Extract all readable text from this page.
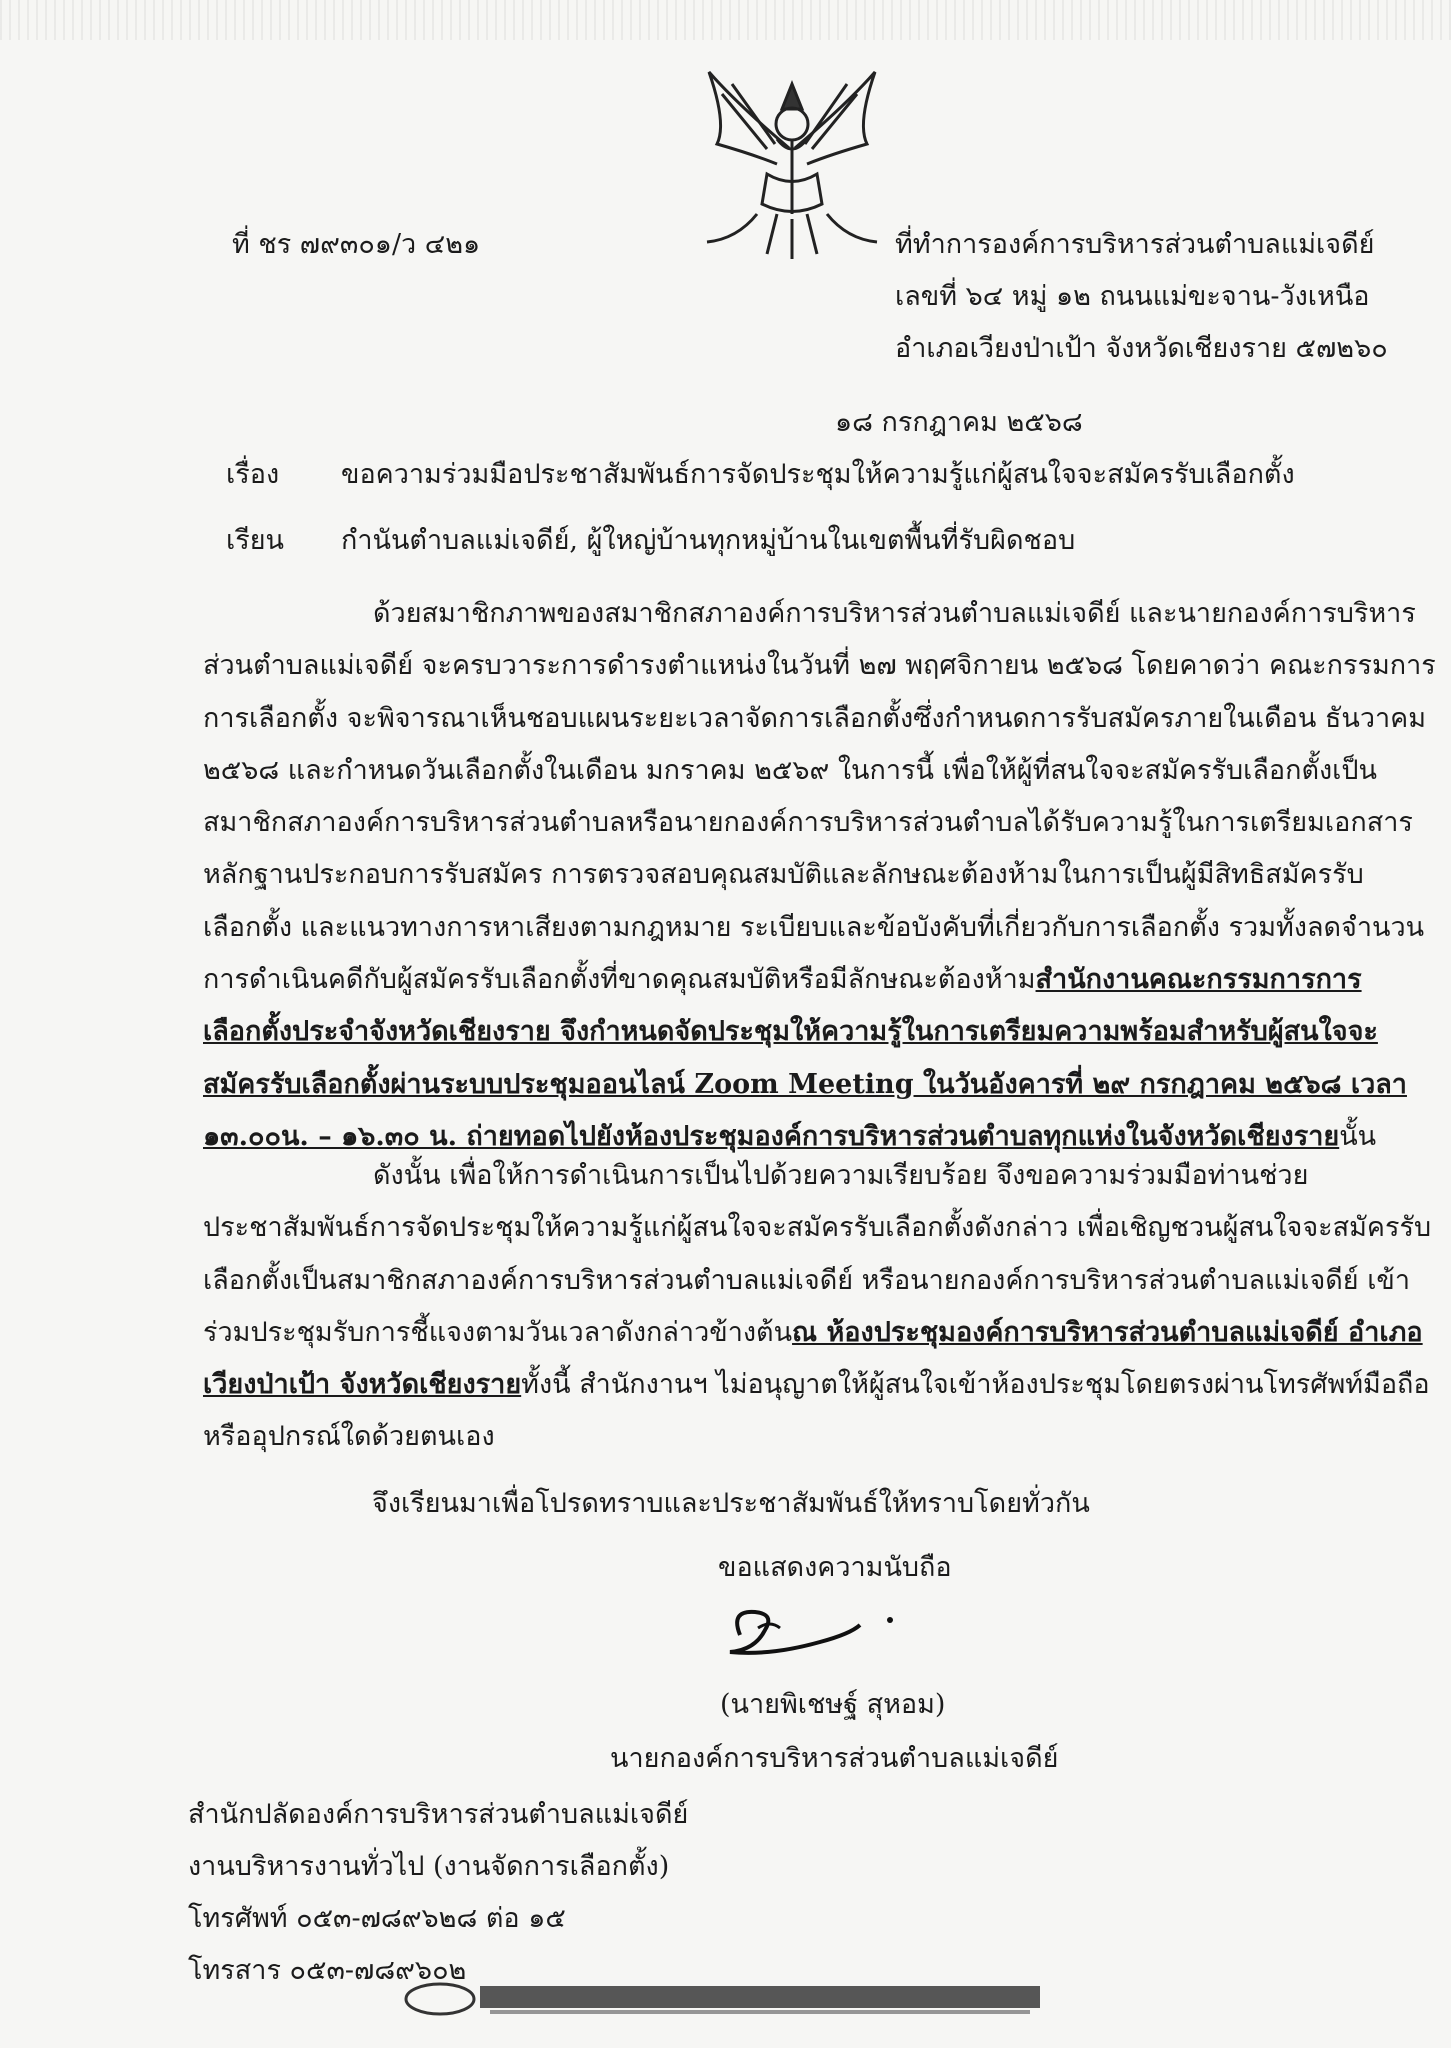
ที่ ชร ๗๙๓๐๑/ว ๔๒๑	ที่ทำการองค์การบริหารส่วนตำบลแม่เจดีย์
เลขที่ ๖๔ หมู่ ๑๒ ถนนแม่ขะจาน-วังเหนือ
อำเภอเวียงป่าเป้า จังหวัดเชียงราย ๕๗๒๖๐
๑๘ กรกฎาคม ๒๕๖๘
เรื่อง ขอความร่วมมือประชาสัมพันธ์การจัดประชุมให้ความรู้แก่ผู้สนใจจะสมัครรับเลือกตั้ง
เรียน กำนันตำบลแม่เจดีย์, ผู้ใหญ่บ้านทุกหมู่บ้านในเขตพื้นที่รับผิดชอบ
ด้วยสมาชิกภาพของสมาชิกสภาองค์การบริหารส่วนตำบลแม่เจดีย์ และนายกองค์การบริหาร
ส่วนตำบลแม่เจดีย์ จะครบวาระการดำรงตำแหน่งในวันที่ ๒๗ พฤศจิกายน ๒๕๖๘ โดยคาดว่า คณะกรรมการ
การเลือกตั้ง จะพิจารณาเห็นชอบแผนระยะเวลาจัดการเลือกตั้งซึ่งกำหนดการรับสมัครภายในเดือน ธันวาคม
๒๕๖๘ และกำหนดวันเลือกตั้งในเดือน มกราคม ๒๕๖๙ ในการนี้ เพื่อให้ผู้ที่สนใจจะสมัครรับเลือกตั้งเป็น
สมาชิกสภาองค์การบริหารส่วนตำบลหรือนายกองค์การบริหารส่วนตำบลได้รับความรู้ในการเตรียมเอกสาร
หลักฐานประกอบการรับสมัคร การตรวจสอบคุณสมบัติและลักษณะต้องห้ามในการเป็นผู้มีสิทธิสมัครรับ
เลือกตั้ง และแนวทางการหาเสียงตามกฎหมาย ระเบียบและข้อบังคับที่เกี่ยวกับการเลือกตั้ง รวมทั้งลดจำนวน
การดำเนินคดีกับผู้สมัครรับเลือกตั้งที่ขาดคุณสมบัติหรือมีลักษณะต้องห้าม สำนักงานคณะกรรมการการ
เลือกตั้งประจำจังหวัดเชียงราย จึงกำหนดจัดประชุมให้ความรู้ในการเตรียมความพร้อมสำหรับผู้สนใจจะ
สมัครรับเลือกตั้งผ่านระบบประชุมออนไลน์ Zoom Meeting ในวันอังคารที่ ๒๙ กรกฎาคม ๒๕๖๘ เวลา
๑๓.๐๐น. – ๑๖.๓๐ น. ถ่ายทอดไปยังห้องประชุมองค์การบริหารส่วนตำบลทุกแห่งในจังหวัดเชียงราย นั้น
ดังนั้น เพื่อให้การดำเนินการเป็นไปด้วยความเรียบร้อย จึงขอความร่วมมือท่านช่วย
ประชาสัมพันธ์การจัดประชุมให้ความรู้แก่ผู้สนใจจะสมัครรับเลือกตั้งดังกล่าว เพื่อเชิญชวนผู้สนใจจะสมัครรับ
เลือกตั้งเป็นสมาชิกสภาองค์การบริหารส่วนตำบลแม่เจดีย์ หรือนายกองค์การบริหารส่วนตำบลแม่เจดีย์ เข้า
ร่วมประชุมรับการชี้แจงตามวันเวลาดังกล่าวข้างต้น ณ ห้องประชุมองค์การบริหารส่วนตำบลแม่เจดีย์ อำเภอ
เวียงป่าเป้า จังหวัดเชียงราย ทั้งนี้ สำนักงานฯ ไม่อนุญาตให้ผู้สนใจเข้าห้องประชุมโดยตรงผ่านโทรศัพท์มือถือ
หรืออุปกรณ์ใดด้วยตนเอง
จึงเรียนมาเพื่อโปรดทราบและประชาสัมพันธ์ให้ทราบโดยทั่วกัน
ขอแสดงความนับถือ
(นายพิเชษฐ์ สุหอม)
นายกองค์การบริหารส่วนตำบลแม่เจดีย์
สำนักปลัดองค์การบริหารส่วนตำบลแม่เจดีย์
งานบริหารงานทั่วไป (งานจัดการเลือกตั้ง)
โทรศัพท์ ๐๕๓-๗๘๙๖๒๘ ต่อ ๑๕
โทรสาร ๐๕๓-๗๘๙๖๐๒
